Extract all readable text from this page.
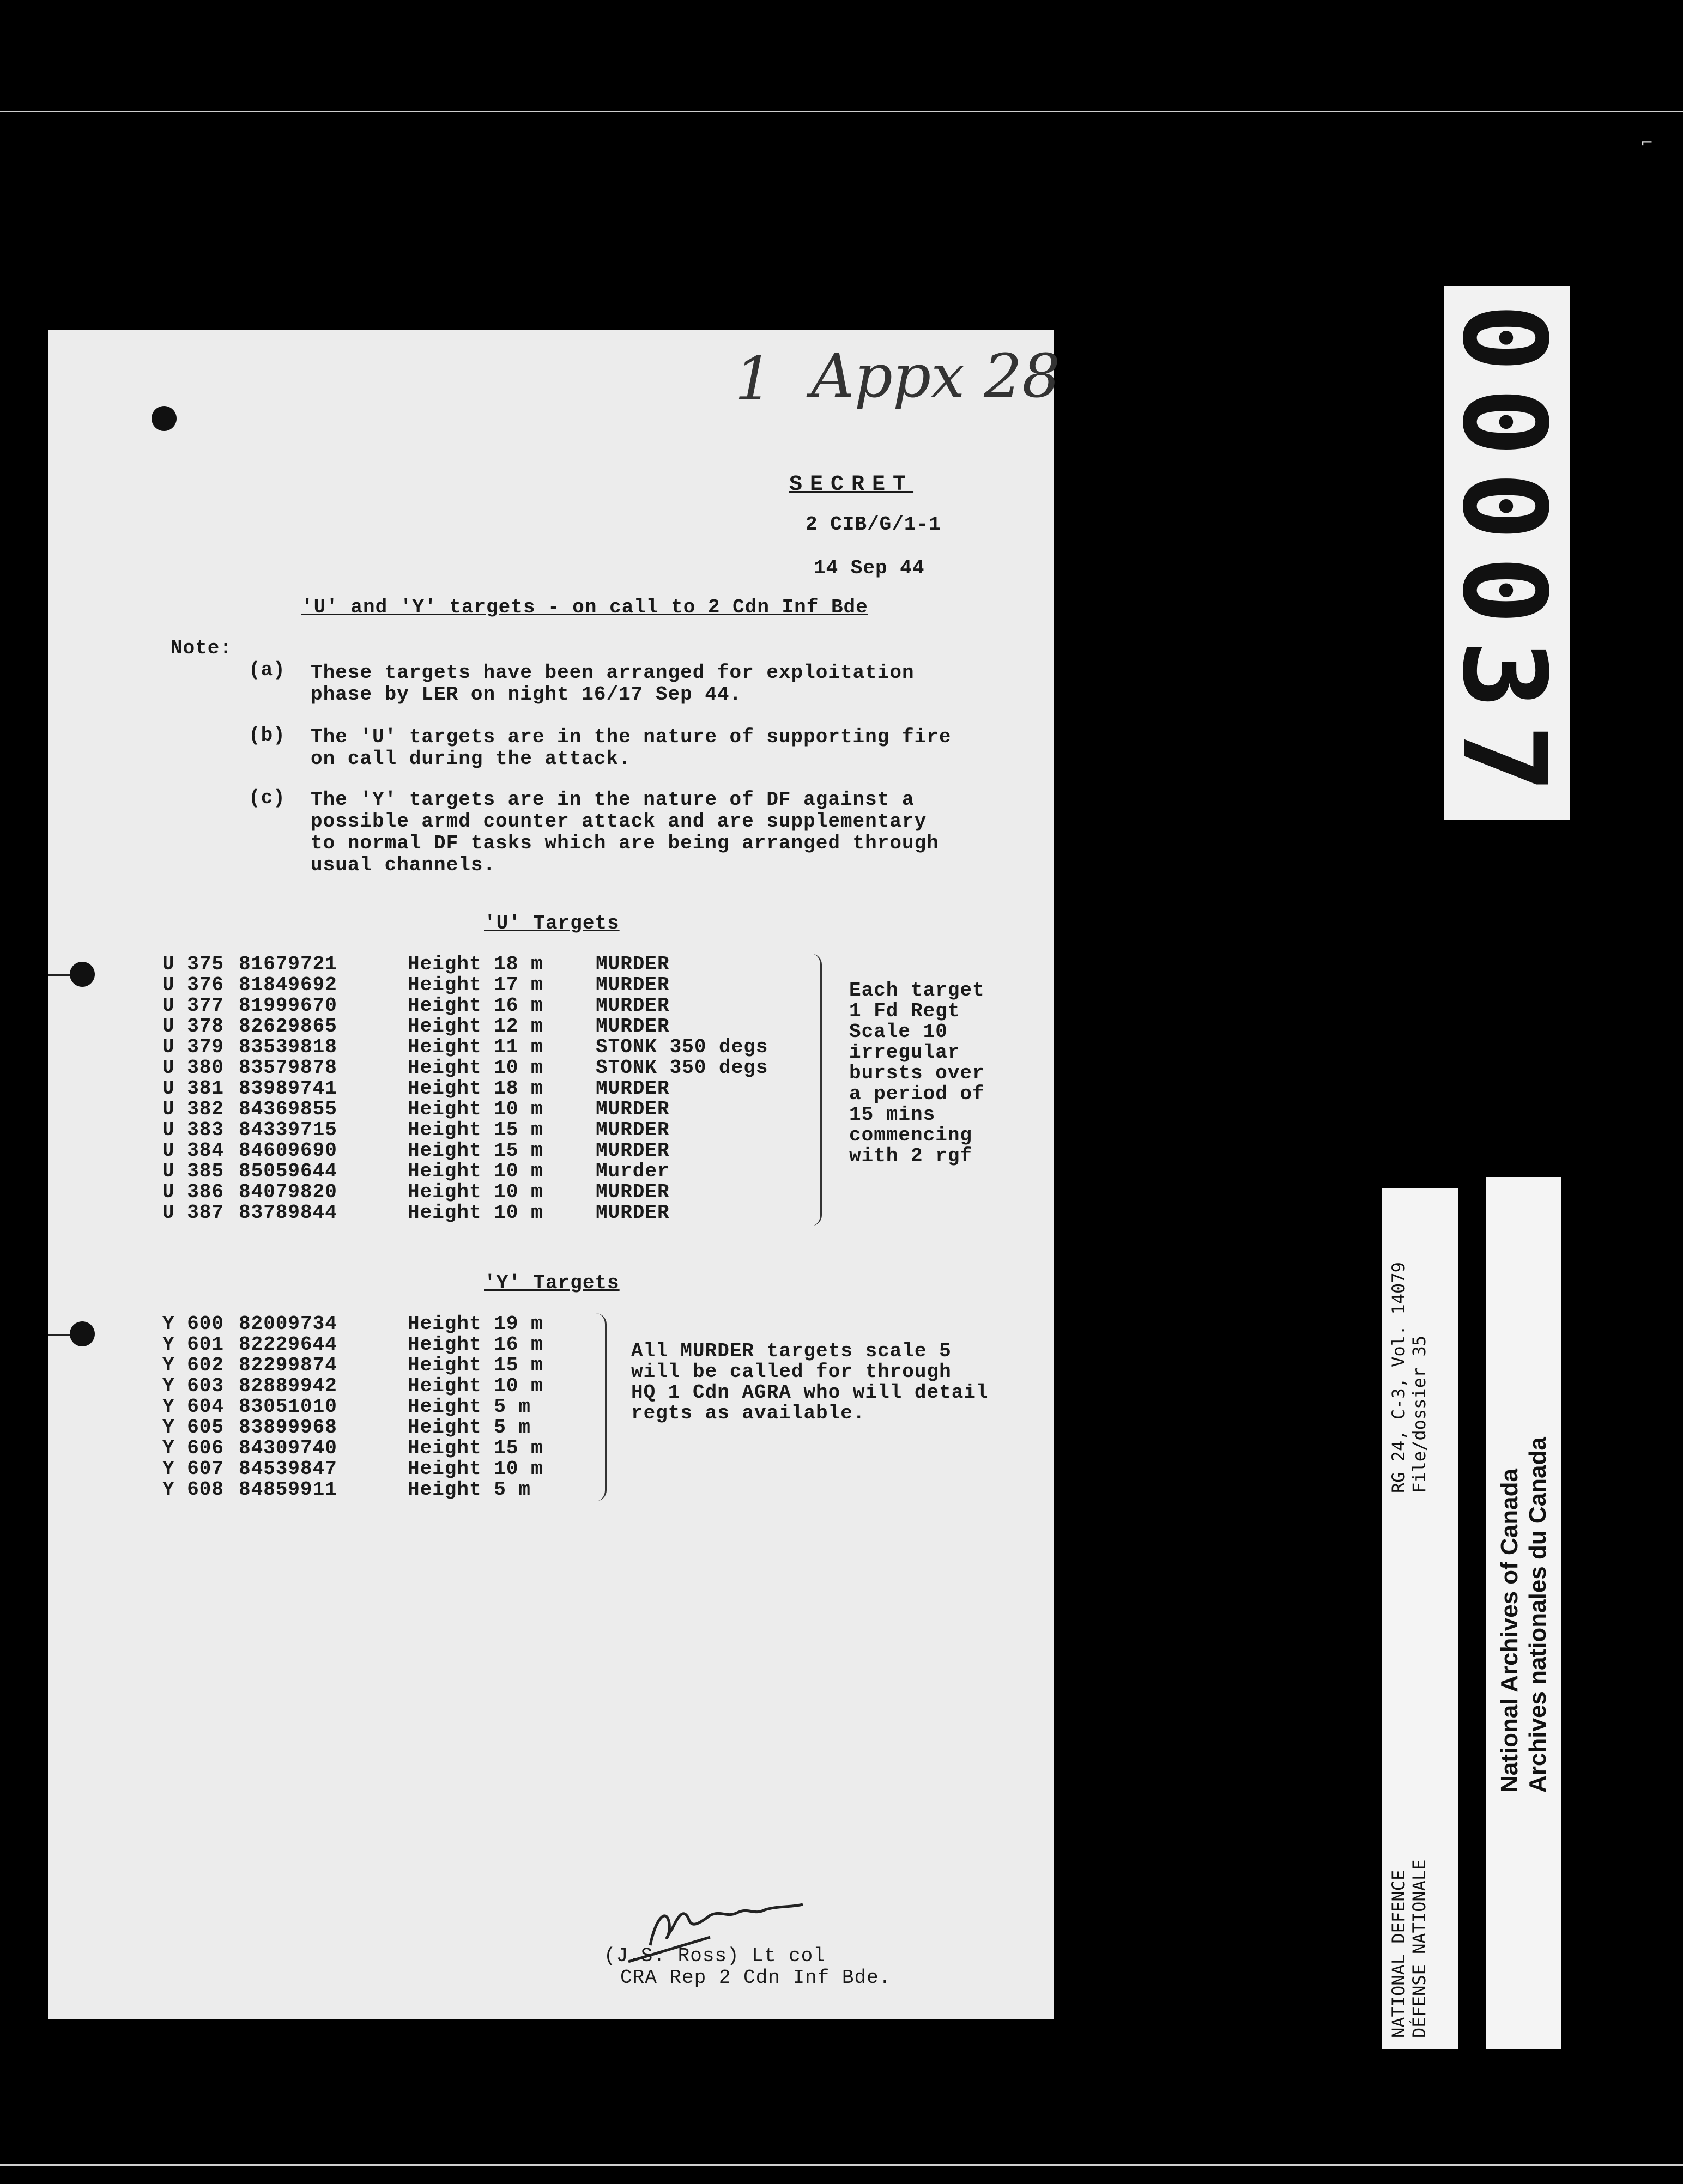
⌐
1 Appx 28
SECRET
2 CIB/G/1-1
14 Sep 44
'U' and 'Y' targets - on call to 2 Cdn Inf Bde
Note:
(a) These targets have been arranged for exploitation
phase by LER on night 16/17 Sep 44.
(b) The 'U' targets are in the nature of supporting fire
on call during the attack.
(c) The 'Y' targets are in the nature of DF against a
possible armd counter attack and are supplementary
to normal DF tasks which are being arranged through
usual channels.
'U' Targets
U 375 81679721	Height 18 m	MURDER
U 376 81849692	Height 17 m	MURDER
U 377 81999670	Height 16 m	MURDER
U 378 82629865	Height 12 m	MURDER
U 379 83539818	Height 11 m	STONK 350 degs
U 380 83579878	Height 10 m	STONK 350 degs
U 381 83989741	Height 18 m	MURDER
U 382 84369855	Height 10 m	MURDER
U 383 84339715	Height 15 m	MURDER
U 384 84609690	Height 15 m	MURDER
U 385 85059644	Height 10 m	Murder
U 386 84079820	Height 10 m	MURDER
U 387 83789844	Height 10 m	MURDER
Each target
1 Fd Regt
Scale 10
irregular
bursts over
a period of
15 mins
commencing
with 2 rgf
'Y' Targets
Y 600 82009734	Height 19 m
Y 601 82229644	Height 16 m
Y 602 82299874	Height 15 m
Y 603 82889942	Height 10 m
Y 604 83051010	Height 5 m
Y 605 83899968	Height 5 m
Y 606 84309740	Height 15 m
Y 607 84539847	Height 10 m
Y 608 84859911	Height 5 m
All MURDER targets scale 5
will be called for through
HQ 1 Cdn AGRA who will detail
regts as available.
(J.S. Ross) Lt col
CRA Rep 2 Cdn Inf Bde.
000037
NATIONAL DEFENCE DÉFENSE NATIONALE
RG 24, C-3, Vol. 14079 File/dossier 35
National Archives of Canada Archives nationales du Canada
